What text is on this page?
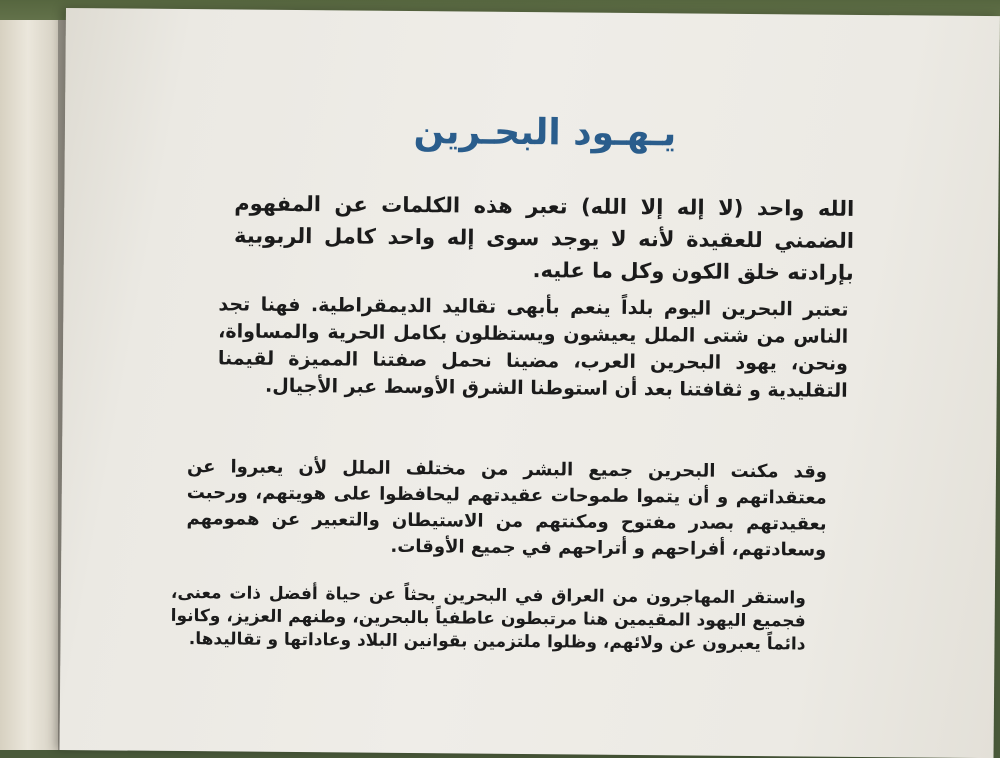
يـهـود البحـرين

الله واحد (لا إله إلا الله) تعبر هذه الكلمات عن المفهوم الضمني للعقيدة لأنه لا يوجد سوى إله واحد كامل الربوبية بإرادته خلق الكون وكل ما عليه.

تعتبر البحرين اليوم بلداً ينعم بأبهى تقاليد الديمقراطية. فهنا تجد الناس من شتى الملل يعيشون ويستظلون بكامل الحرية والمساواة، ونحن، يهود البحرين العرب، مضينا نحمل صفتنا المميزة لقيمنا التقليدية و ثقافتنا بعد أن استوطنا الشرق الأوسط عبر الأجيال.

وقد مكنت البحرين جميع البشر من مختلف الملل لأن يعبروا عن معتقداتهم و أن يتموا طموحات عقيدتهم ليحافظوا على هويتهم، ورحبت بعقيدتهم بصدر مفتوح ومكنتهم من الاستيطان والتعبير عن همومهم وسعادتهم، أفراحهم و أتراحهم في جميع الأوقات.

واستقر المهاجرون من العراق في البحرين بحثاً عن حياة أفضل ذات معنى، فجميع اليهود المقيمين هنا مرتبطون عاطفياً بالبحرين، وطنهم العزيز، وكانوا دائماً يعبرون عن ولائهم، وظلوا ملتزمين بقوانين البلاد وعاداتها و تقاليدها.
